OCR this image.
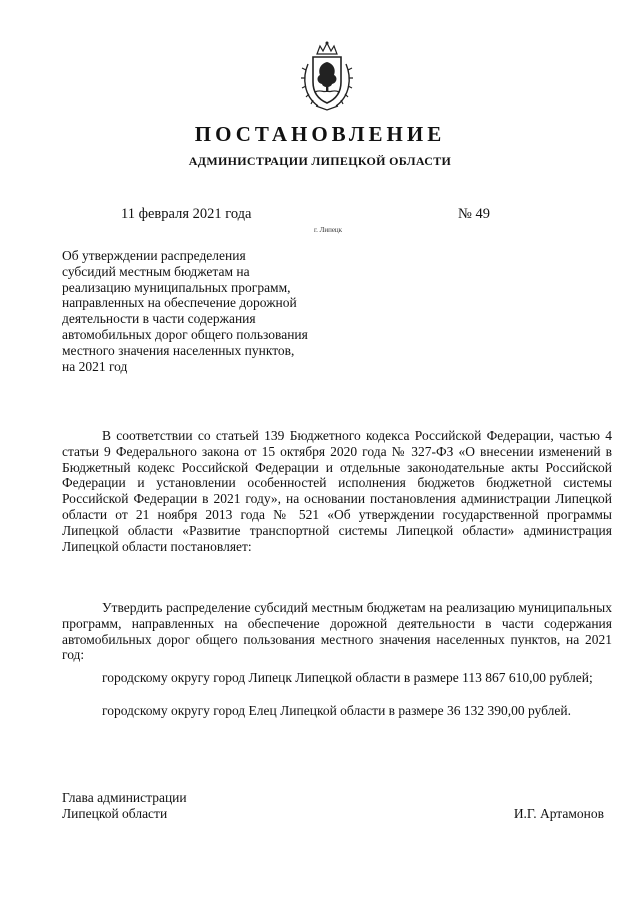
ПОСТАНОВЛЕНИЕ
АДМИНИСТРАЦИИ ЛИПЕЦКОЙ ОБЛАСТИ
11 февраля 2021 года
г. Липецк
№ 49
Об утверждении распределения
субсидий местным бюджетам на
реализацию муниципальных программ,
направленных на обеспечение дорожной
деятельности в части содержания
автомобильных дорог общего пользования
местного значения населенных пунктов,
на 2021 год

В соответствии со статьей 139 Бюджетного кодекса Российской Федерации, частью 4 статьи 9 Федерального закона от 15 октября 2020 года № 327-ФЗ «О внесении изменений в Бюджетный кодекс Российской Федерации и отдельные законодательные акты Российской Федерации и установлении особенностей исполнения бюджетов бюджетной системы Российской Федерации в 2021 году», на основании постановления администрации Липецкой области от 21 ноября 2013 года № 521 «Об утверждении государственной программы Липецкой области «Развитие транспортной системы Липецкой области» администрация Липецкой области постановляет:

Утвердить распределение субсидий местным бюджетам на реализацию муниципальных программ, направленных на обеспечение дорожной деятельности в части содержания автомобильных дорог общего пользования местного значения населенных пунктов, на 2021 год:

городскому округу город Липецк Липецкой области в размере 113 867 610,00 рублей;

городскому округу город Елец Липецкой области в размере 36 132 390,00 рублей.

Глава администрации
Липецкой области	И.Г. Артамонов
